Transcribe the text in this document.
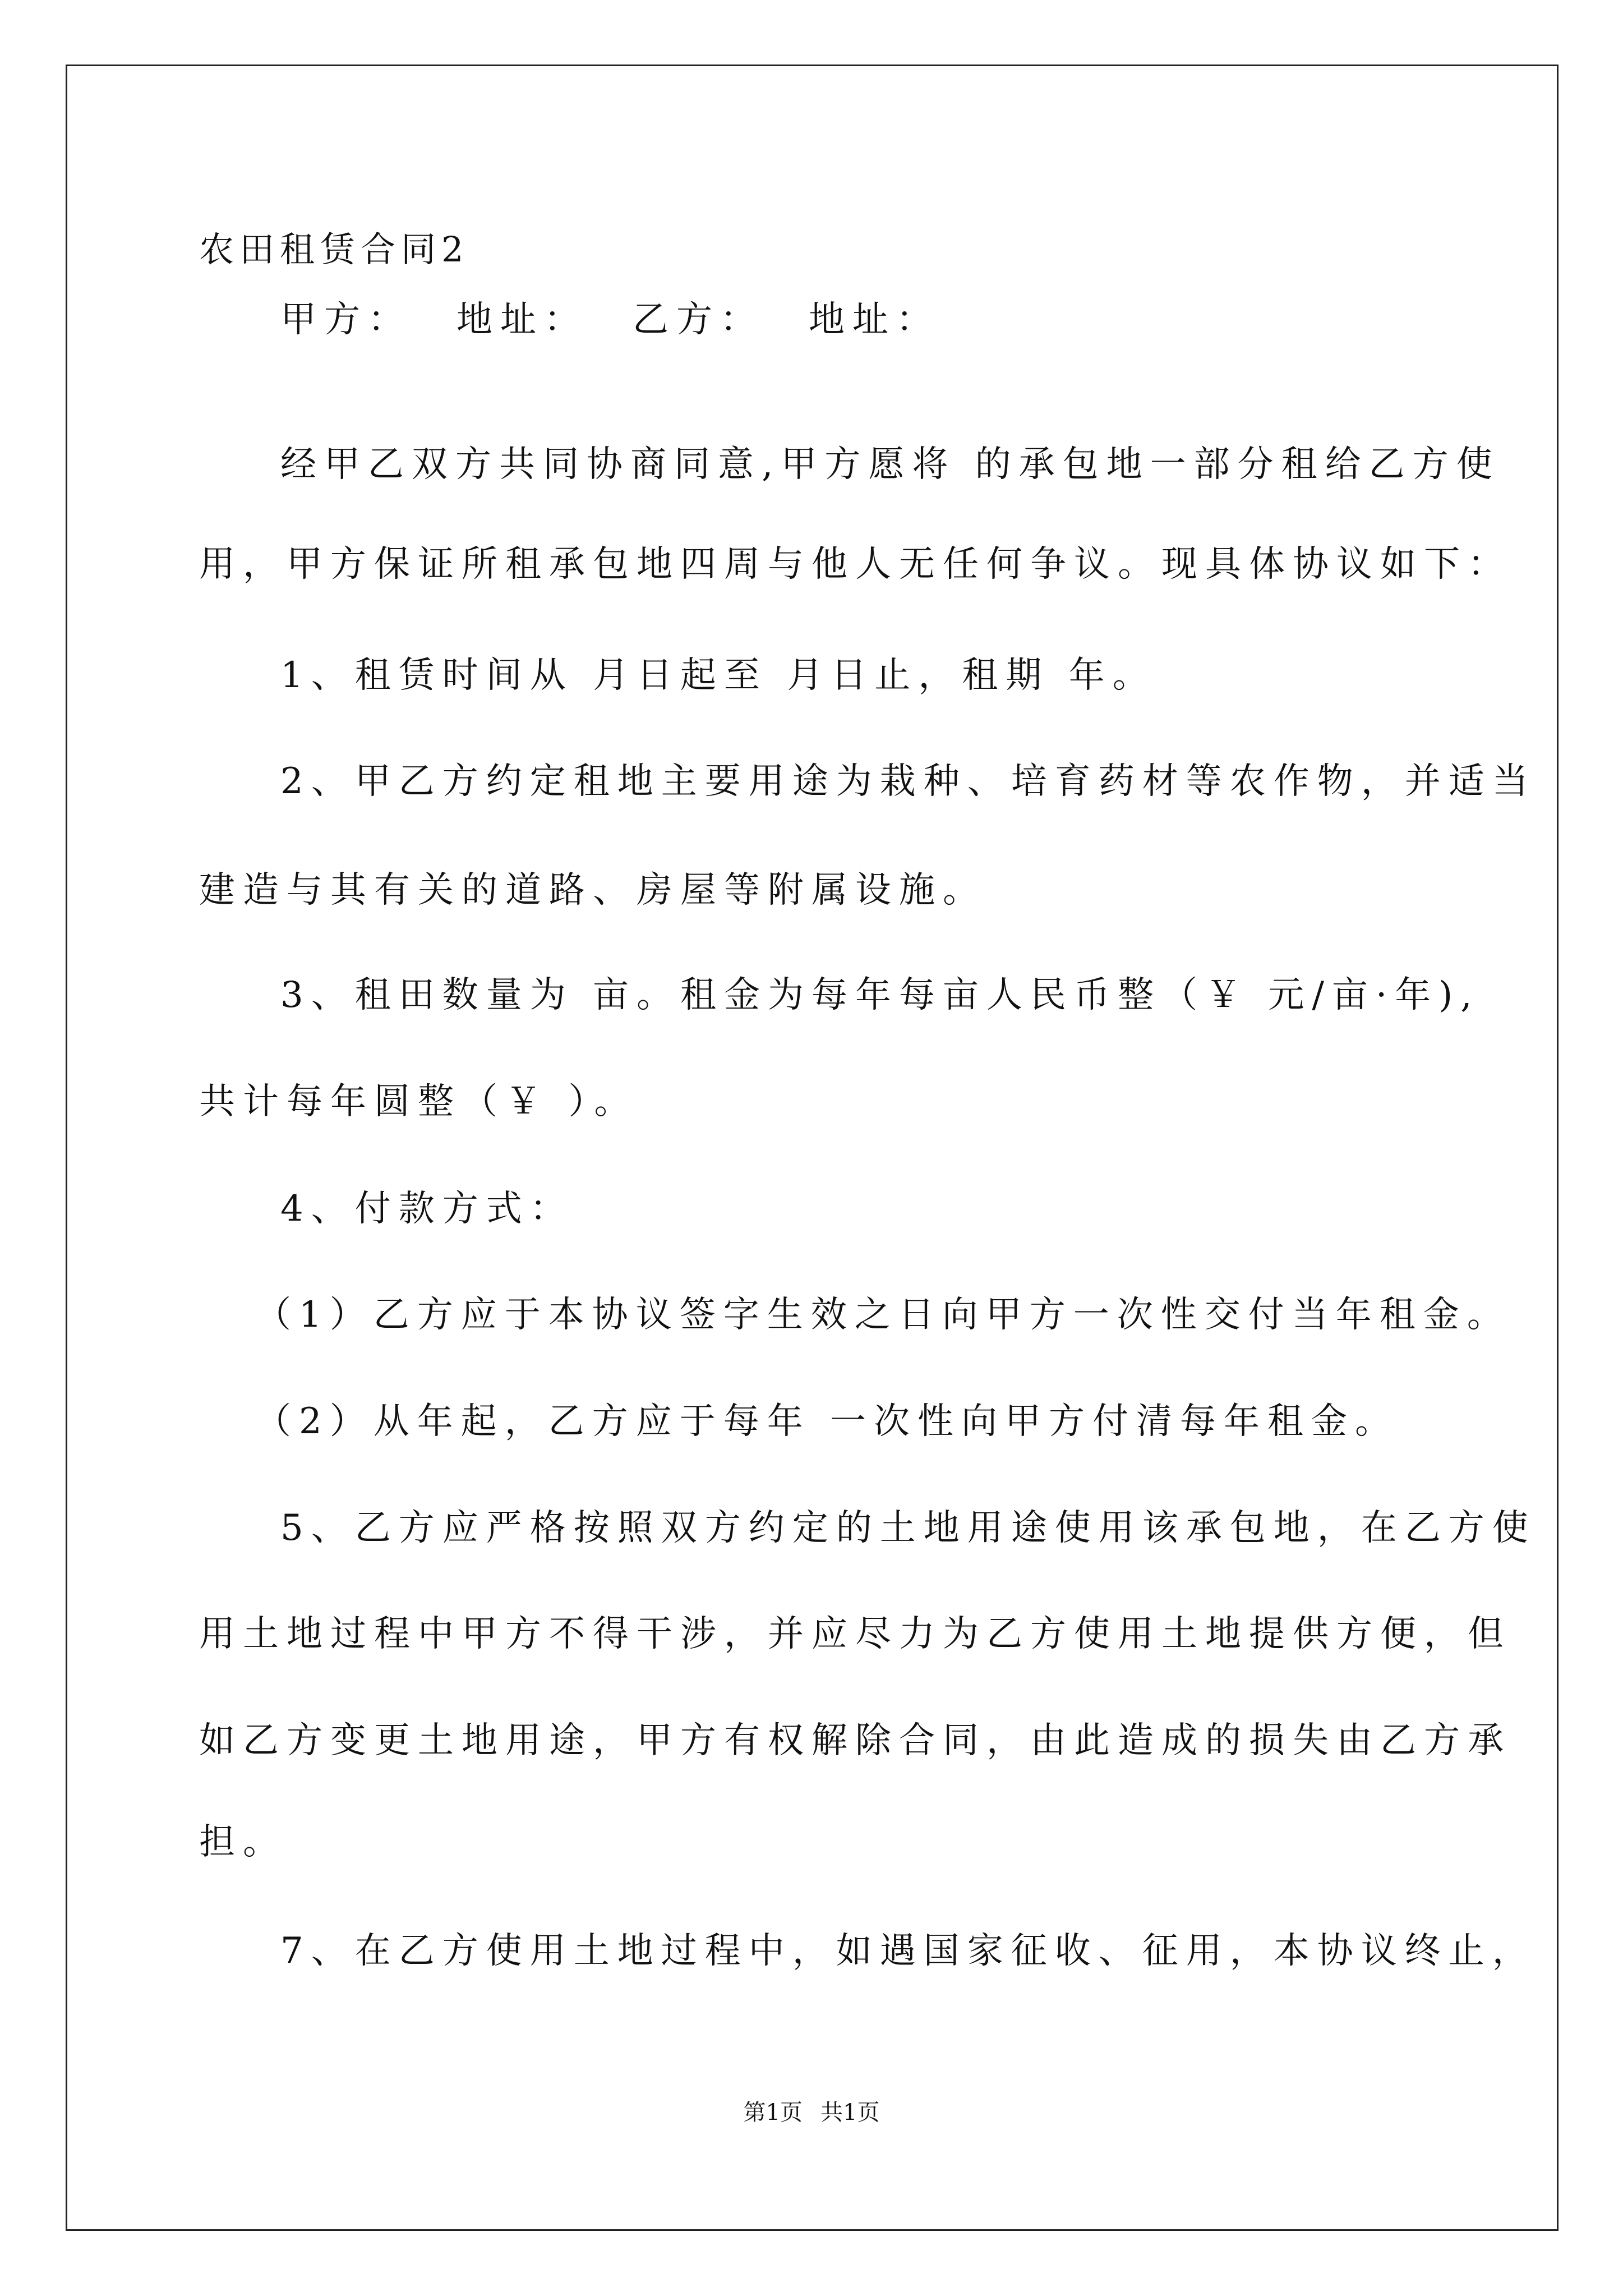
农田租赁合同2
甲方： 地址： 乙方： 地址：
经甲乙双方共同协商同意,甲方愿将 的承包地一部分租给乙方使
用，甲方保证所租承包地四周与他人无任何争议。现具体协议如下：
1、租赁时间从 月日起至 月日止，租期 年。
2、甲乙方约定租地主要用途为栽种、培育药材等农作物，并适当
建造与其有关的道路、房屋等附属设施。
3、租田数量为 亩。租金为每年每亩人民币整（￥ 元/亩·年),
共计每年圆整（￥ ）。
4、付款方式：
（1）乙方应于本协议签字生效之日向甲方一次性交付当年租金。
（2）从年起，乙方应于每年 一次性向甲方付清每年租金。
5、乙方应严格按照双方约定的土地用途使用该承包地，在乙方使
用土地过程中甲方不得干涉，并应尽力为乙方使用土地提供方便，但
如乙方变更土地用途，甲方有权解除合同，由此造成的损失由乙方承
担。
7、在乙方使用土地过程中，如遇国家征收、征用，本协议终止，
第1页 共1页
